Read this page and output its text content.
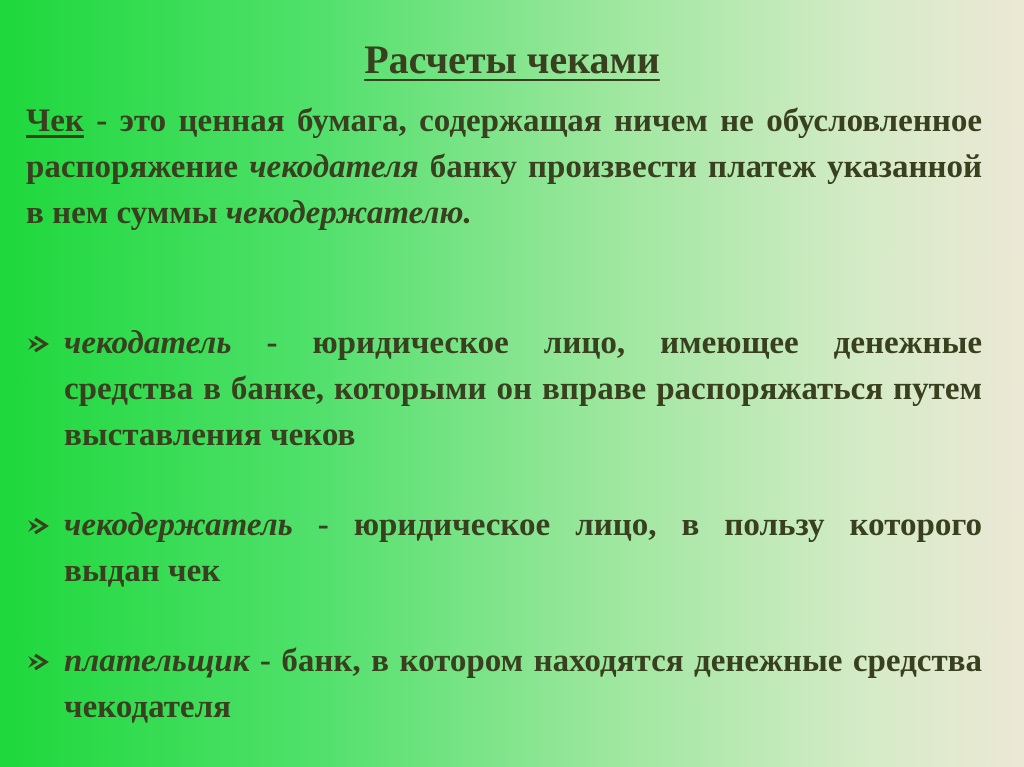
Расчеты чеками
Чек - это ценная бумага, содержащая ничем не обусловленное распоряжение чекодателя банку произвести платеж указанной в нем суммы чекодержателю.
чекодатель - юридическое лицо, имеющее денежные средства в банке, которыми он вправе распоряжаться путем выставления чеков
чекодержатель - юридическое лицо, в пользу которого выдан чек
плательщик - банк, в котором находятся денежные средства чекодателя
